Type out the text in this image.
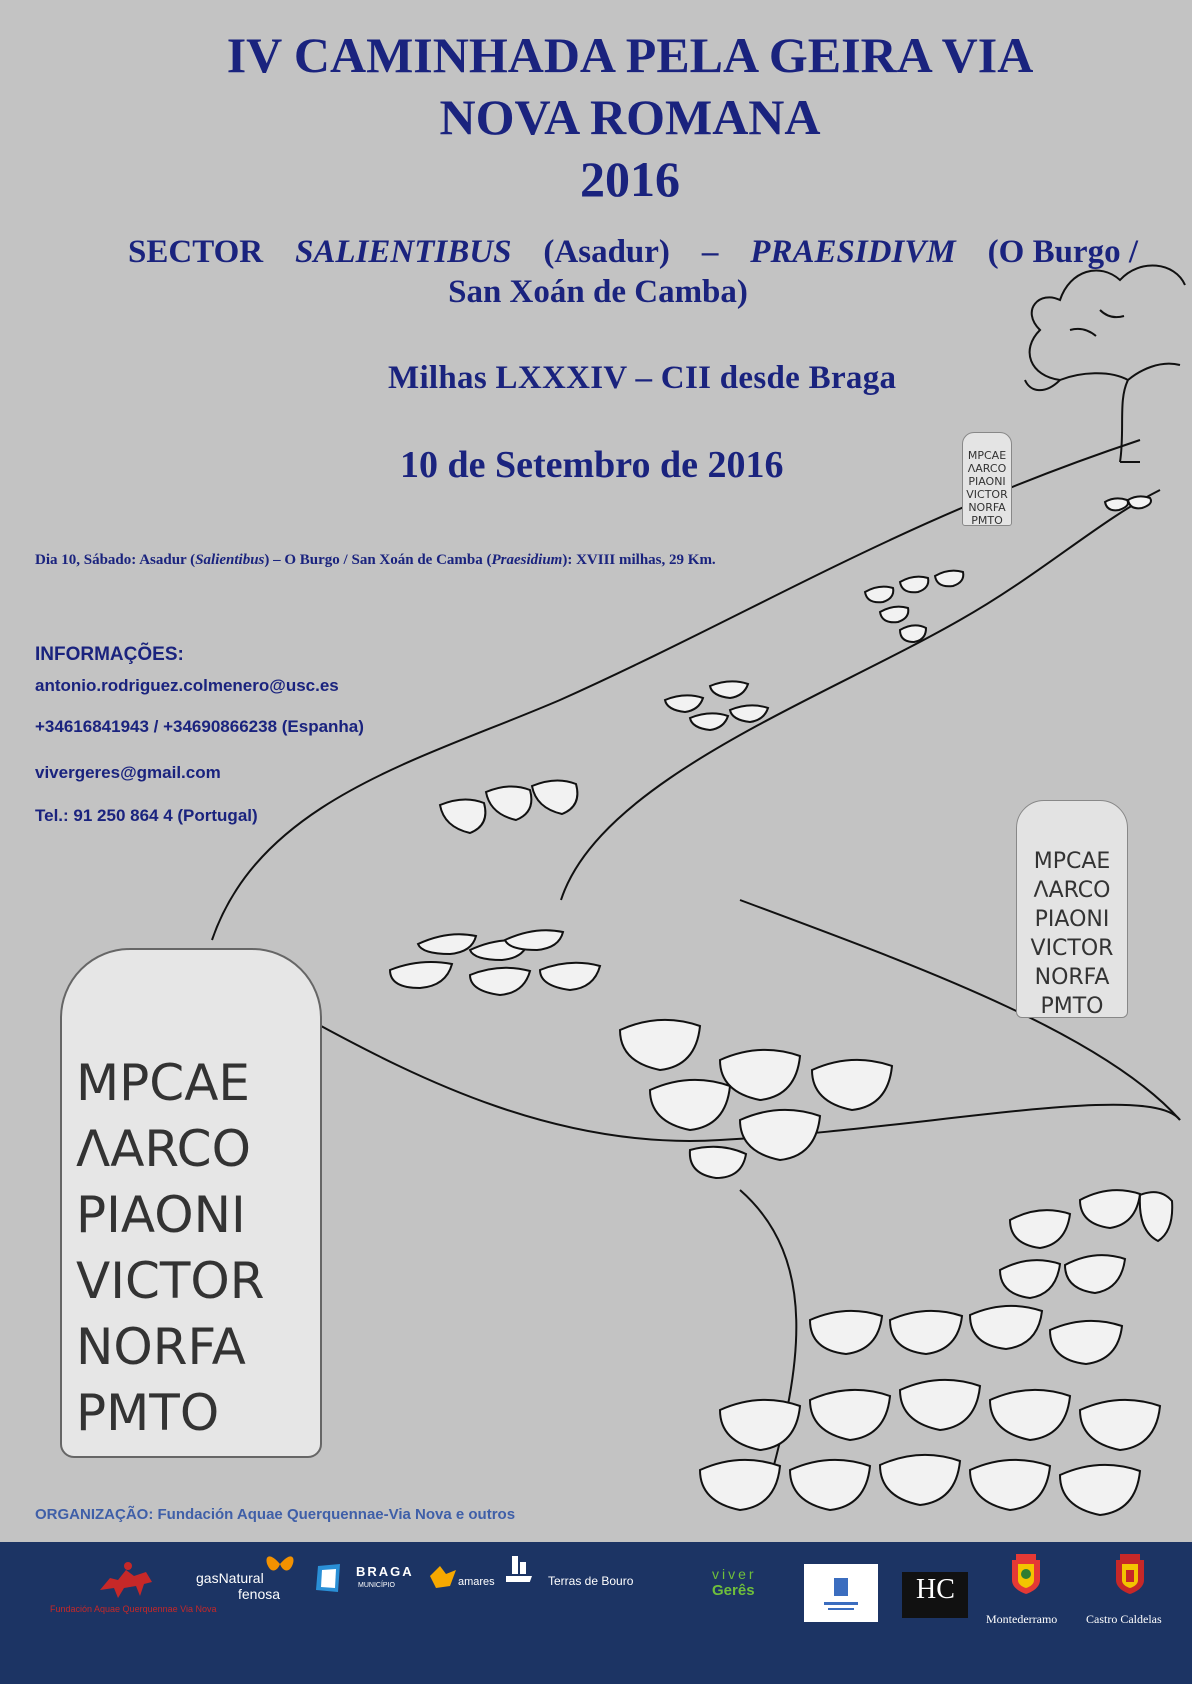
MPCAE
ΛARCO
PIAONI
VICTOR
NORFA
PMTO
MPCAE
ΛARCO
PIAONI
VICTOR
NORFA
PMTO
MPCAE
ΛARCO
PIAONI
VICTOR
NORFA
PMTO
IV CAMINHADA PELA GEIRA VIA
NOVA ROMANA
2016
SECTOR SALIENTIBUS (Asadur) – PRAESIDIVM (O Burgo /
San Xoán de Camba)
Milhas LXXXIV – CII desde Braga
10 de Setembro de 2016
Dia 10, Sábado: Asadur (Salientibus) – O Burgo / San Xoán de Camba (Praesidium): XVIII milhas, 29 Km.
INFORMAÇÕES:
antonio.rodriguez.colmenero@usc.es
+34616841943 / +34690866238 (Espanha)
vivergeres@gmail.com
Tel.: 91 250 864 4 (Portugal)
ORGANIZAÇÃO: Fundación Aquae Querquennae-Via Nova e outros
Fundación Aquae Querquennae Via Nova
gasNatural
fenosa
BRAGA
MUNICÍPIO	amares	Terras de Bouro	viver
Gerês	HC
Montederramo Castro Caldelas
